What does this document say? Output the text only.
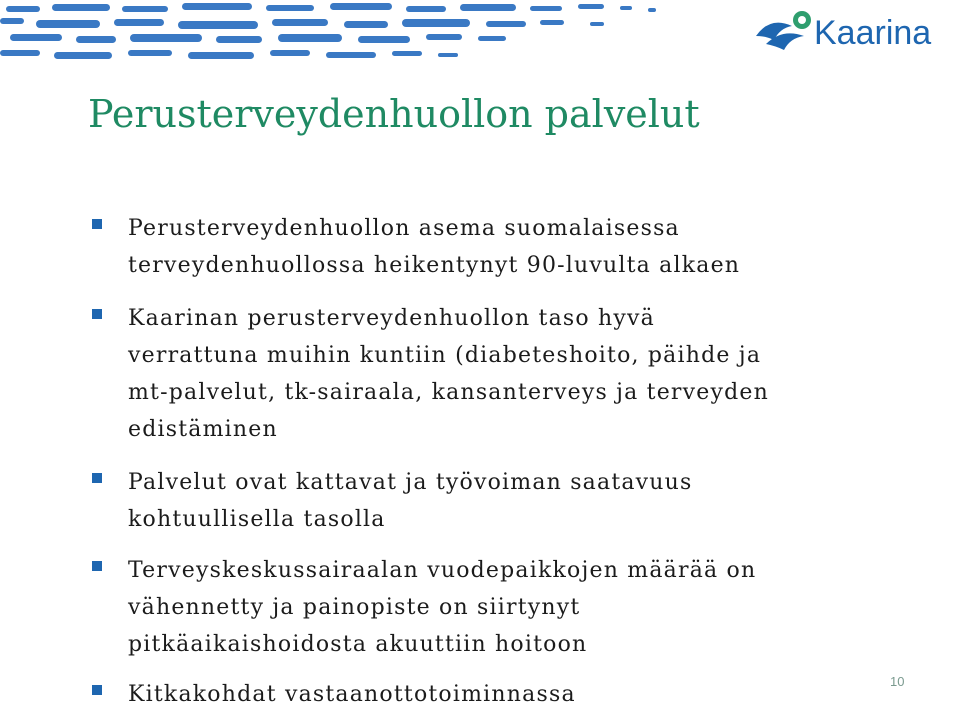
Kaarina
Perusterveydenhuollon palvelut
Perusterveydenhuollon asema suomalaisessa
terveydenhuollossa heikentynyt 90-luvulta alkaen
Kaarinan perusterveydenhuollon taso hyvä
verrattuna muihin kuntiin (diabeteshoito, päihde ja
mt-palvelut, tk-sairaala, kansanterveys ja terveyden
edistäminen
Palvelut ovat kattavat ja työvoiman saatavuus
kohtuullisella tasolla
Terveyskeskussairaalan vuodepaikkojen määrää on
vähennetty ja painopiste on siirtynyt
pitkäaikaishoidosta akuuttiin hoitoon
Kitkakohdat vastaanottotoiminnassa
10
